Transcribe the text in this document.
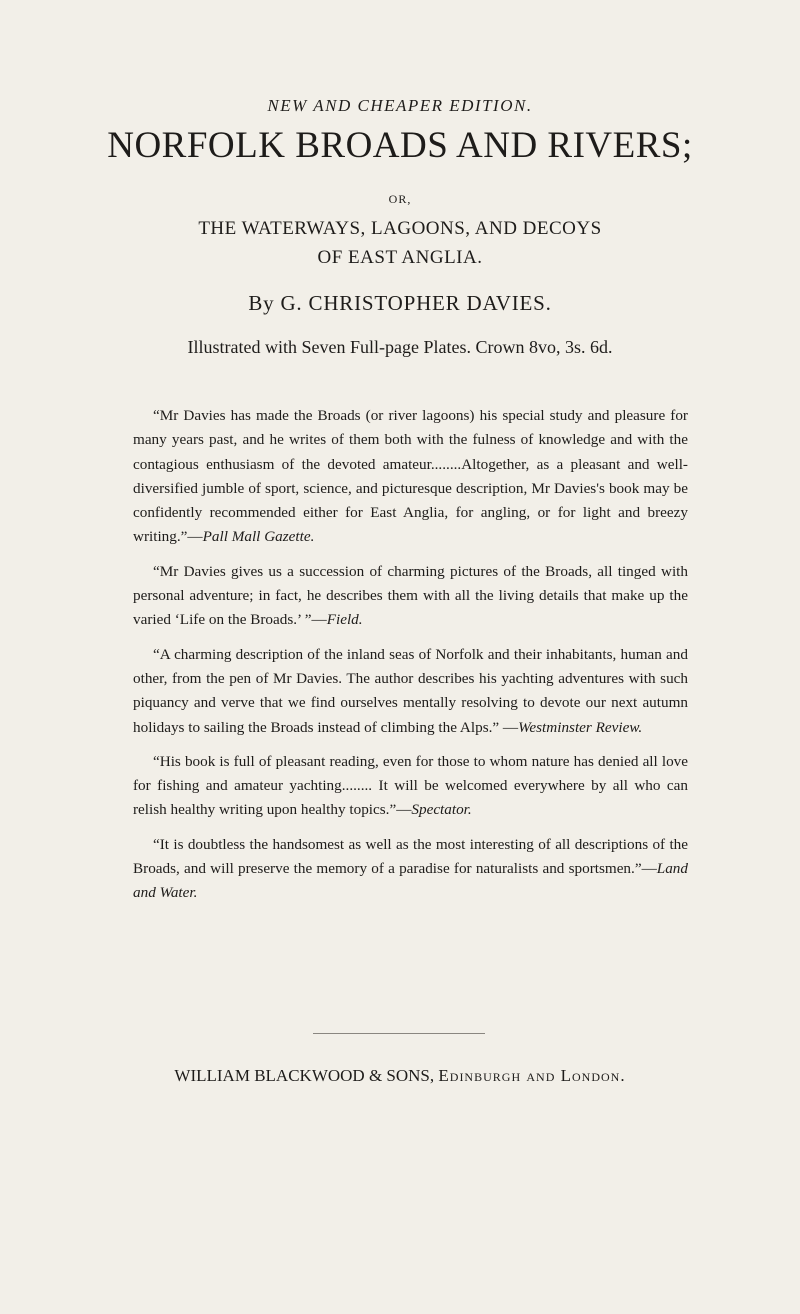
NEW AND CHEAPER EDITION.
NORFOLK BROADS AND RIVERS;
OR,
THE WATERWAYS, LAGOONS, AND DECOYS
OF EAST ANGLIA.
By G. CHRISTOPHER DAVIES.
Illustrated with Seven Full-page Plates. Crown 8vo, 3s. 6d.

“Mr Davies has made the Broads (or river lagoons) his special study and pleasure for many years past, and he writes of them both with the fulness of knowledge and with the contagious enthusiasm of the devoted amateur........Altogether, as a pleasant and well-diversified jumble of sport, science, and picturesque description, Mr Davies's book may be confidently recommended either for East Anglia, for angling, or for light and breezy writing.”—Pall Mall Gazette.

“Mr Davies gives us a succession of charming pictures of the Broads, all tinged with personal adventure; in fact, he describes them with all the living details that make up the varied ‘Life on the Broads.’ ”—Field.

“A charming description of the inland seas of Norfolk and their inhabitants, human and other, from the pen of Mr Davies. The author describes his yachting adventures with such piquancy and verve that we find ourselves mentally resolving to devote our next autumn holidays to sailing the Broads instead of climbing the Alps.” —Westminster Review.

“His book is full of pleasant reading, even for those to whom nature has denied all love for fishing and amateur yachting........ It will be welcomed everywhere by all who can relish healthy writing upon healthy topics.”—Spectator.

“It is doubtless the handsomest as well as the most interesting of all descriptions of the Broads, and will preserve the memory of a paradise for naturalists and sportsmen.”—Land and Water.

WILLIAM BLACKWOOD & SONS, Edinburgh and London.
